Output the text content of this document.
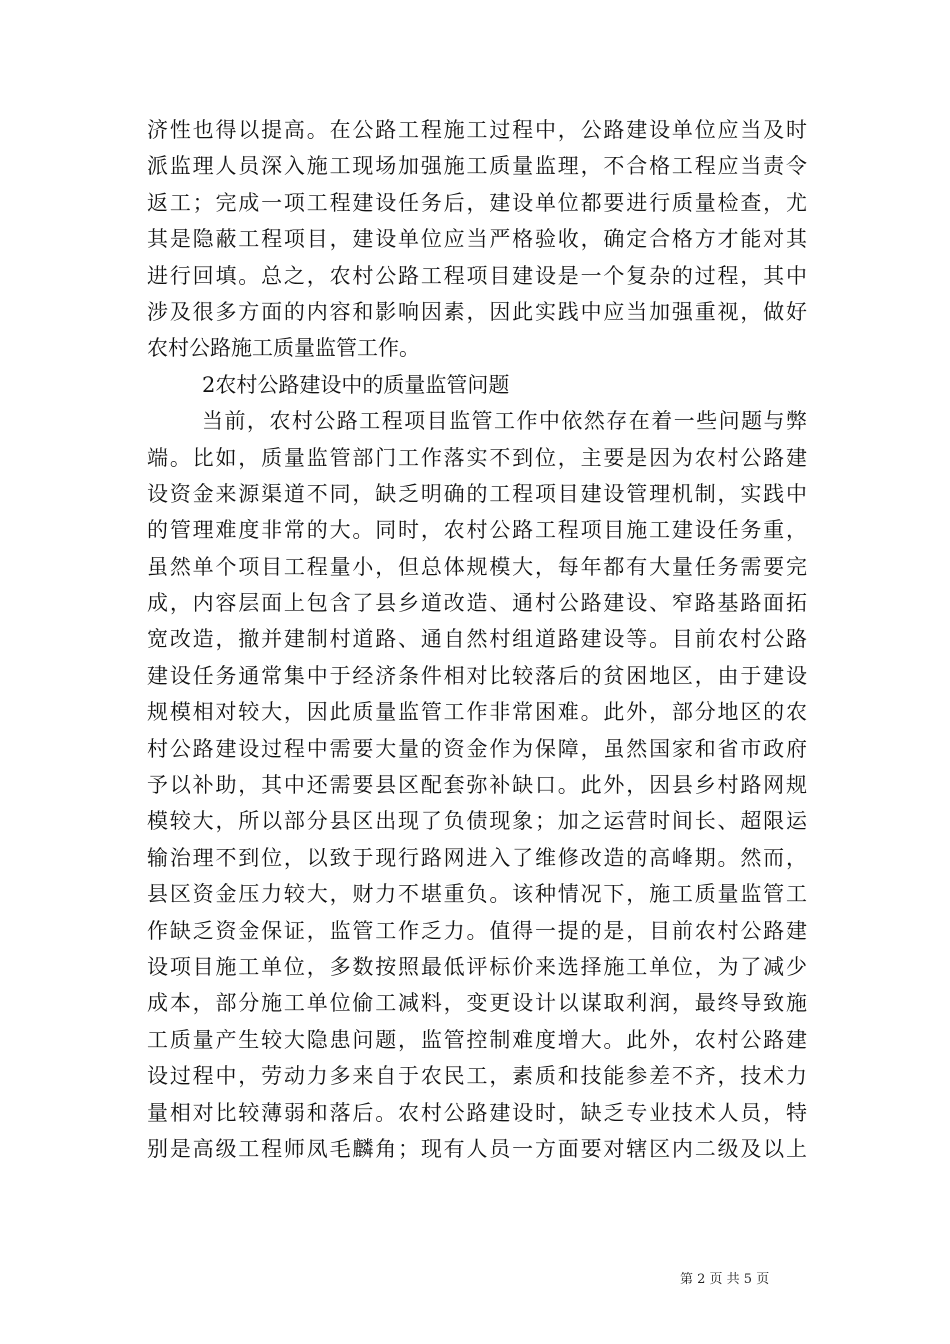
济性也得以提高。在公路工程施工过程中，公路建设单位应当及时
派监理人员深入施工现场加强施工质量监理，不合格工程应当责令
返工；完成一项工程建设任务后，建设单位都要进行质量检查，尤
其是隐蔽工程项目，建设单位应当严格验收，确定合格方才能对其
进行回填。总之，农村公路工程项目建设是一个复杂的过程，其中
涉及很多方面的内容和影响因素，因此实践中应当加强重视，做好
农村公路施工质量监管工作。
2农村公路建设中的质量监管问题
当前，农村公路工程项目监管工作中依然存在着一些问题与弊
端。比如，质量监管部门工作落实不到位，主要是因为农村公路建
设资金来源渠道不同，缺乏明确的工程项目建设管理机制，实践中
的管理难度非常的大。同时，农村公路工程项目施工建设任务重，
虽然单个项目工程量小，但总体规模大，每年都有大量任务需要完
成，内容层面上包含了县乡道改造、通村公路建设、窄路基路面拓
宽改造，撤并建制村道路、通自然村组道路建设等。目前农村公路
建设任务通常集中于经济条件相对比较落后的贫困地区，由于建设
规模相对较大，因此质量监管工作非常困难。此外，部分地区的农
村公路建设过程中需要大量的资金作为保障，虽然国家和省市政府
予以补助，其中还需要县区配套弥补缺口。此外，因县乡村路网规
模较大，所以部分县区出现了负债现象；加之运营时间长、超限运
输治理不到位，以致于现行路网进入了维修改造的高峰期。然而，
县区资金压力较大，财力不堪重负。该种情况下，施工质量监管工
作缺乏资金保证，监管工作乏力。值得一提的是，目前农村公路建
设项目施工单位，多数按照最低评标价来选择施工单位，为了减少
成本，部分施工单位偷工减料，变更设计以谋取利润，最终导致施
工质量产生较大隐患问题，监管控制难度增大。此外，农村公路建
设过程中，劳动力多来自于农民工，素质和技能参差不齐，技术力
量相对比较薄弱和落后。农村公路建设时，缺乏专业技术人员，特
别是高级工程师凤毛麟角；现有人员一方面要对辖区内二级及以上
第 2 页 共 5 页
